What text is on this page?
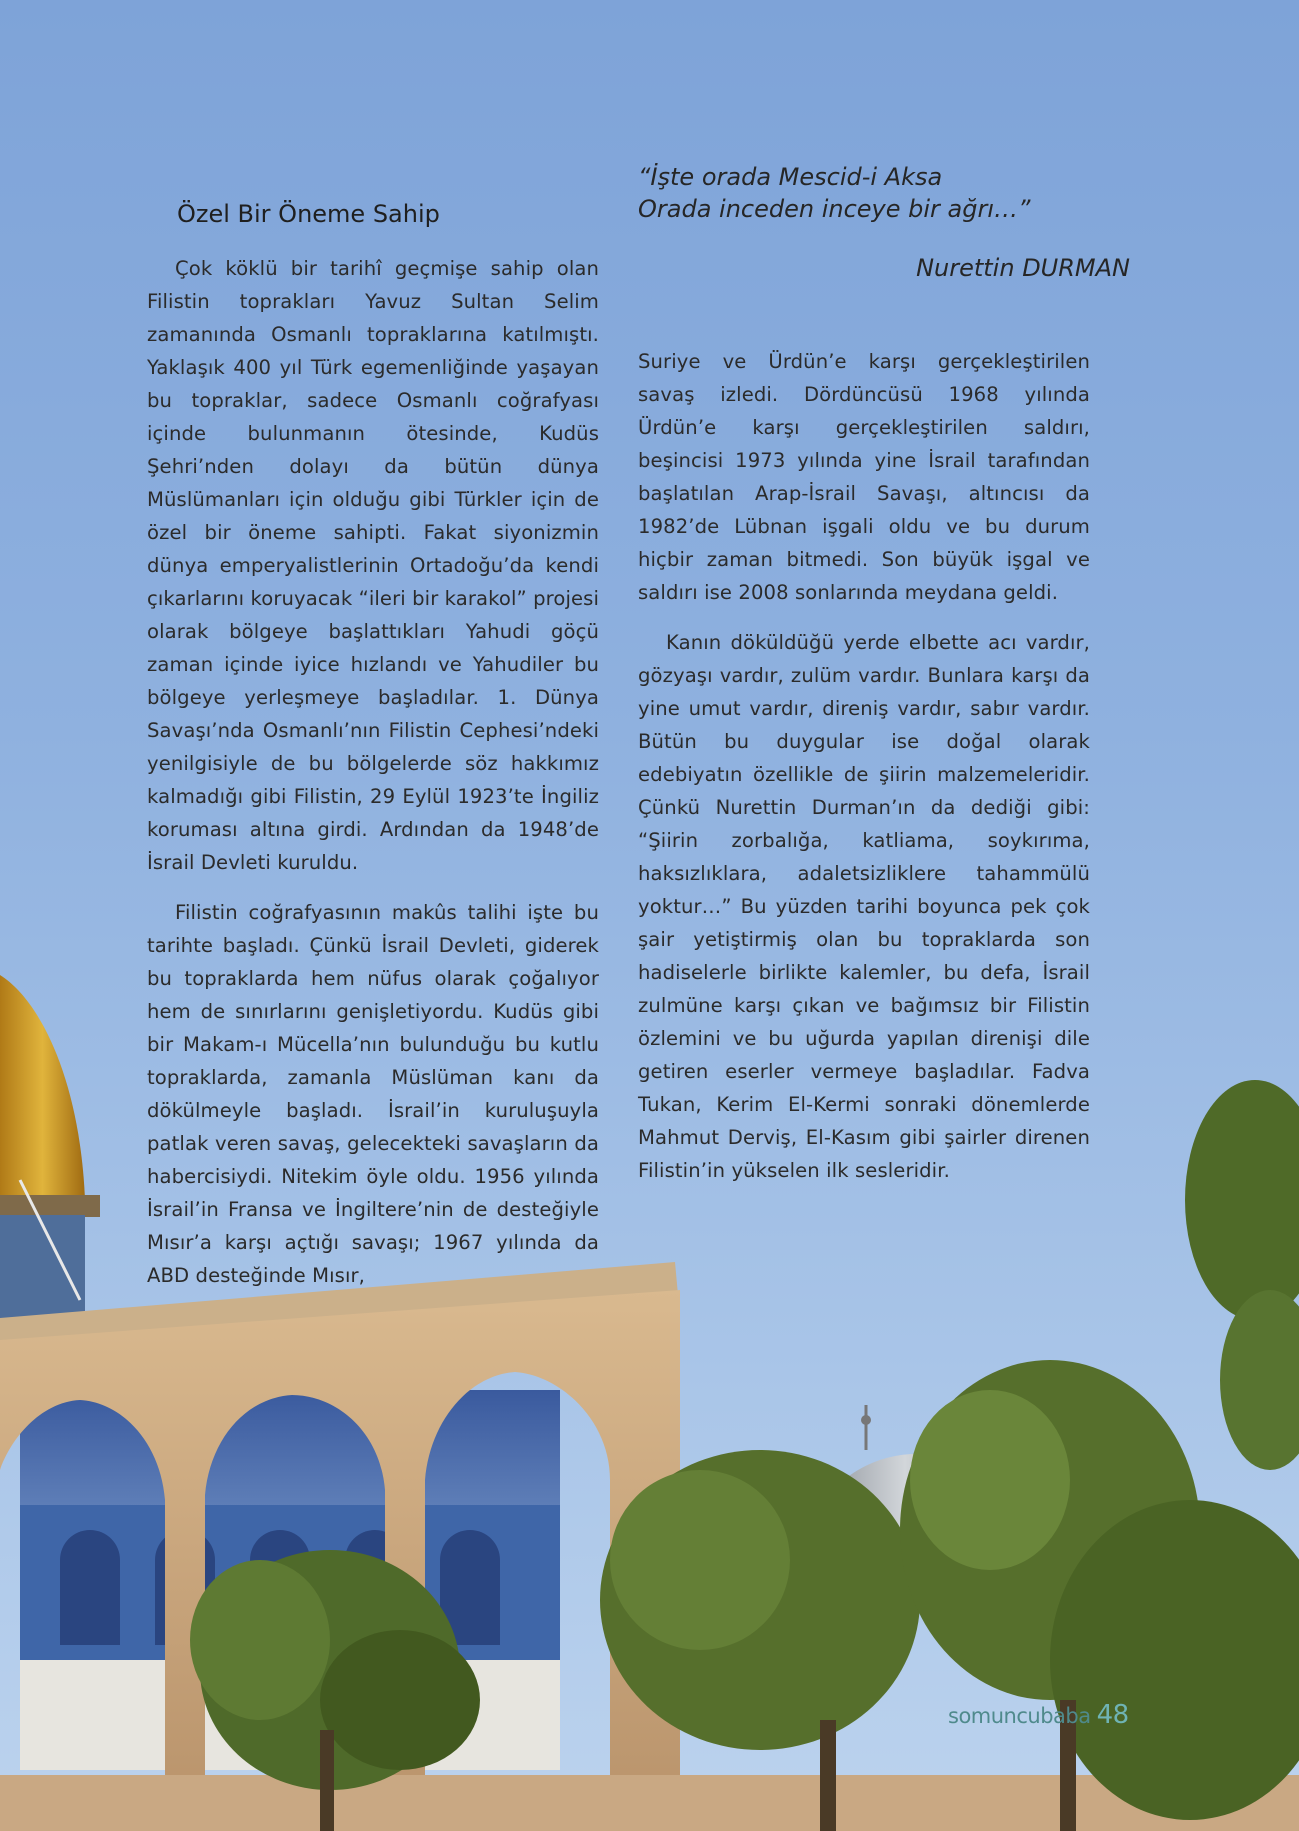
Özel Bir Öneme Sahip
“İşte orada Mescid-i Aksa
Orada inceden inceye bir ağrı…”
Nurettin DURMAN

Çok köklü bir tarihî geçmişe sahip olan Filistin toprakları Yavuz Sultan Selim zamanında Osmanlı topraklarına katılmıştı. Yaklaşık 400 yıl Türk egemenliğinde yaşayan bu topraklar, sadece Osmanlı coğrafyası içinde bulunmanın ötesinde, Kudüs Şehri’nden dolayı da bütün dünya Müslümanları için olduğu gibi Türkler için de özel bir öneme sahipti. Fakat siyonizmin dünya emperyalistlerinin Ortadoğu’da kendi çıkarlarını koruyacak “ileri bir karakol” projesi olarak bölgeye başlattıkları Yahudi göçü zaman içinde iyice hızlandı ve Yahudiler bu bölgeye yerleşmeye başladılar. 1. Dünya Savaşı’nda Osmanlı’nın Filistin Cephesi’ndeki yenilgisiyle de bu bölgelerde söz hakkımız kalmadığı gibi Filistin, 29 Eylül 1923’te İngiliz koruması altına girdi. Ardından da 1948’de İsrail Devleti kuruldu.

Filistin coğrafyasının makûs talihi işte bu tarihte başladı. Çünkü İsrail Devleti, giderek bu topraklarda hem nüfus olarak çoğalıyor hem de sınırlarını genişletiyordu. Kudüs gibi bir Makam-ı Mücella’nın bulunduğu bu kutlu topraklarda, zamanla Müslüman kanı da dökülmeyle başladı. İsrail’in kuruluşuyla patlak veren savaş, gelecekteki savaşların da habercisiydi. Nitekim öyle oldu. 1956 yılında İsrail’in Fransa ve İngiltere’nin de desteğiyle Mısır’a karşı açtığı savaşı; 1967 yılında da ABD desteğinde Mısır,

Suriye ve Ürdün’e karşı gerçekleştirilen savaş izledi. Dördüncüsü 1968 yılında Ürdün’e karşı gerçekleştirilen saldırı, beşincisi 1973 yılında yine İsrail tarafından başlatılan Arap-İsrail Savaşı, altıncısı da 1982’de Lübnan işgali oldu ve bu durum hiçbir zaman bitmedi. Son büyük işgal ve saldırı ise 2008 sonlarında meydana geldi.

Kanın döküldüğü yerde elbette acı vardır, gözyaşı vardır, zulüm vardır. Bunlara karşı da yine umut vardır, direniş vardır, sabır vardır. Bütün bu duygular ise doğal olarak edebiyatın özellikle de şiirin malzemeleridir. Çünkü Nurettin Durman’ın da dediği gibi: “Şiirin zorbalığa, katliama, soykırıma, haksızlıklara, adaletsizliklere tahammülü yoktur…” Bu yüzden tarihi boyunca pek çok şair yetiştirmiş olan bu topraklarda son hadiselerle birlikte kalemler, bu defa, İsrail zulmüne karşı çıkan ve bağımsız bir Filistin özlemini ve bu uğurda yapılan direnişi dile getiren eserler vermeye başladılar. Fadva Tukan, Kerim El-Kermi sonraki dönemlerde Mahmut Derviş, El-Kasım gibi şairler direnen Filistin’in yükselen ilk sesleridir.

somuncubaba 48
